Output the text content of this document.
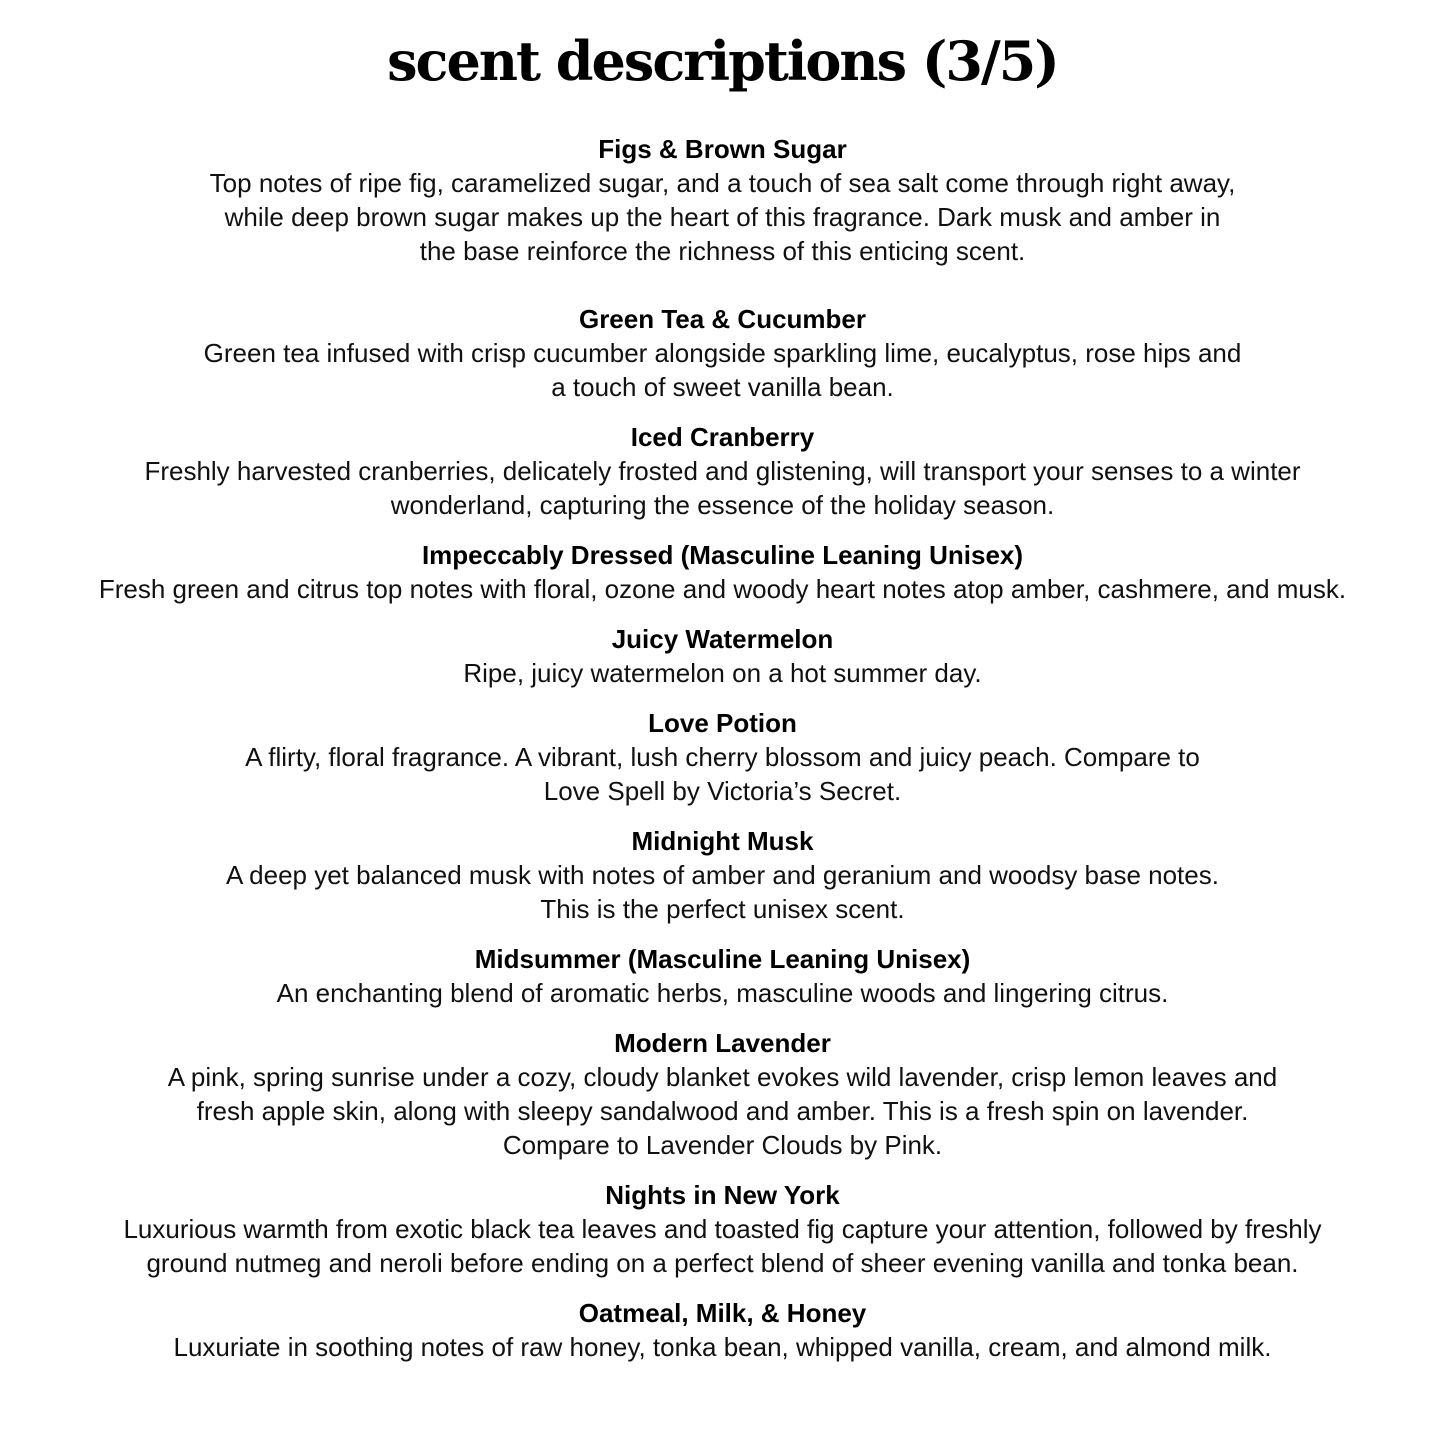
scent descriptions (3/5)
Figs & Brown Sugar
Top notes of ripe fig, caramelized sugar, and a touch of sea salt come through right away,
while deep brown sugar makes up the heart of this fragrance. Dark musk and amber in
the base reinforce the richness of this enticing scent.
Green Tea & Cucumber
Green tea infused with crisp cucumber alongside sparkling lime, eucalyptus, rose hips and
a touch of sweet vanilla bean.
Iced Cranberry
Freshly harvested cranberries, delicately frosted and glistening, will transport your senses to a winter
wonderland, capturing the essence of the holiday season.
Impeccably Dressed (Masculine Leaning Unisex)
Fresh green and citrus top notes with floral, ozone and woody heart notes atop amber, cashmere, and musk.
Juicy Watermelon
Ripe, juicy watermelon on a hot summer day.
Love Potion
A flirty, floral fragrance. A vibrant, lush cherry blossom and juicy peach. Compare to
Love Spell by Victoria’s Secret.
Midnight Musk
A deep yet balanced musk with notes of amber and geranium and woodsy base notes.
This is the perfect unisex scent.
Midsummer (Masculine Leaning Unisex)
An enchanting blend of aromatic herbs, masculine woods and lingering citrus.
Modern Lavender
A pink, spring sunrise under a cozy, cloudy blanket evokes wild lavender, crisp lemon leaves and
fresh apple skin, along with sleepy sandalwood and amber. This is a fresh spin on lavender.
Compare to Lavender Clouds by Pink.
Nights in New York
Luxurious warmth from exotic black tea leaves and toasted fig capture your attention, followed by freshly
ground nutmeg and neroli before ending on a perfect blend of sheer evening vanilla and tonka bean.
Oatmeal, Milk, & Honey
Luxuriate in soothing notes of raw honey, tonka bean, whipped vanilla, cream, and almond milk.
